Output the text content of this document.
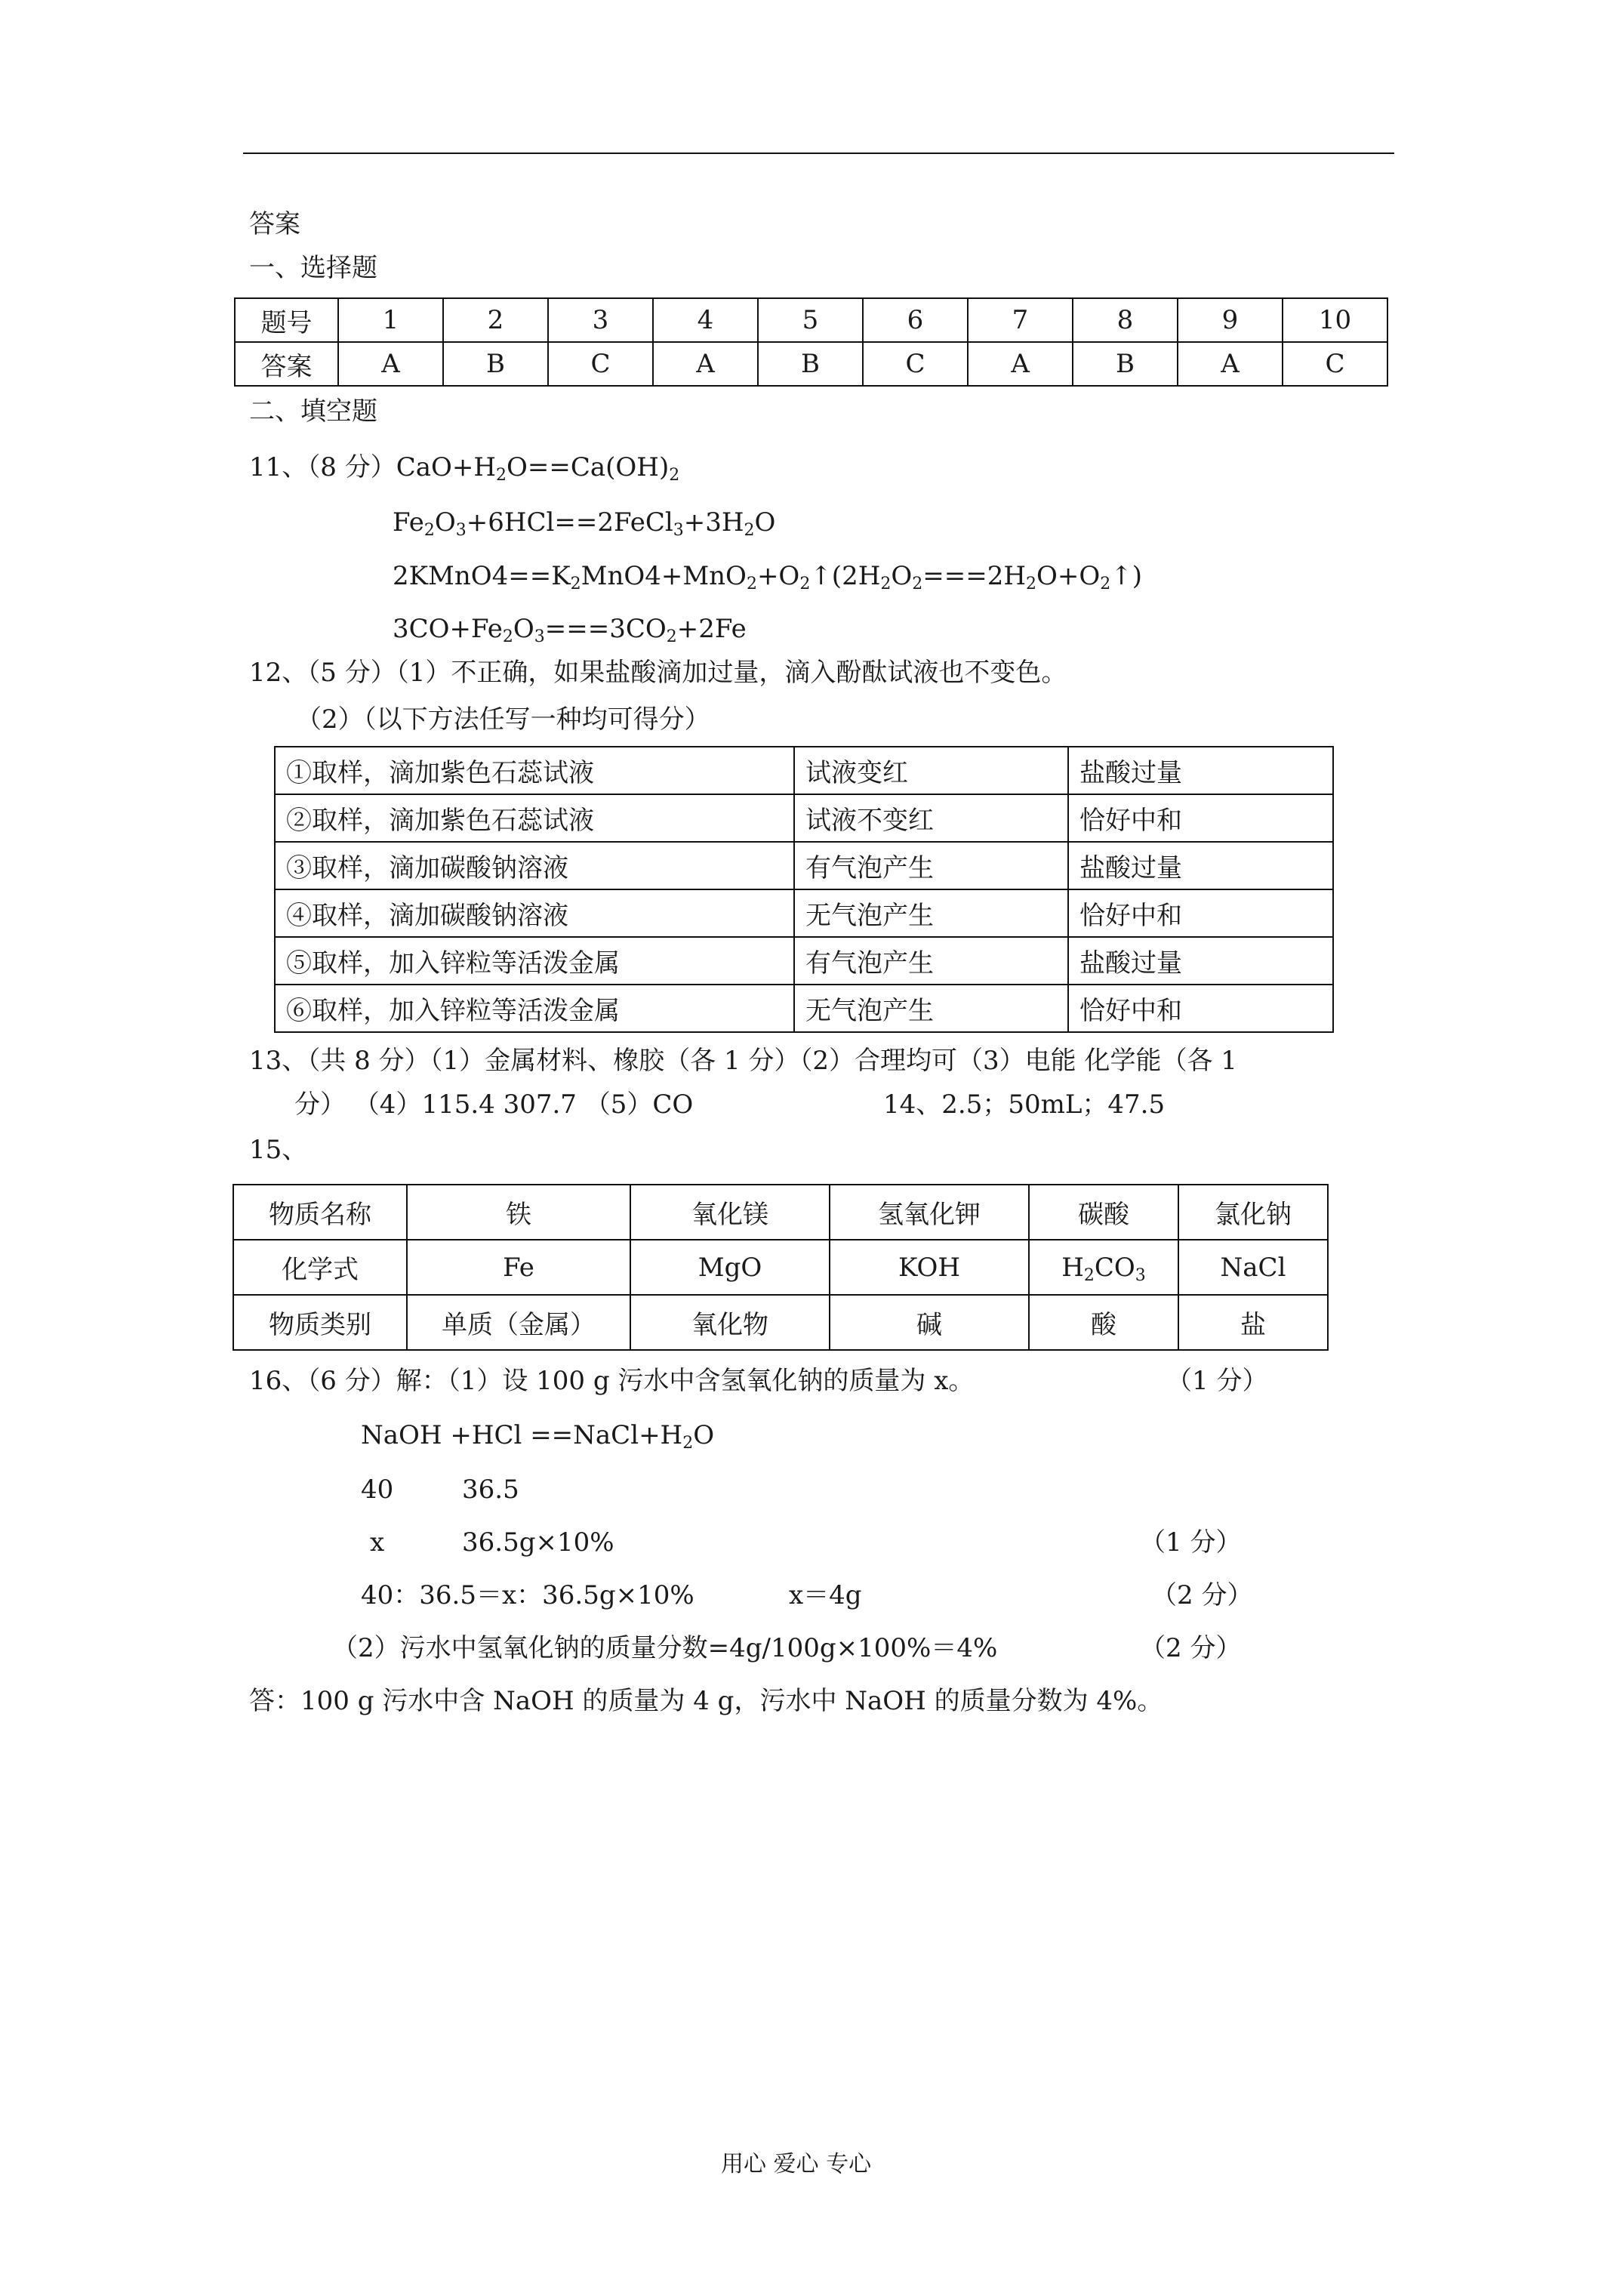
答案
一、选择题
题号	1	2	3	4	5	6	7	8	9	10
答案	A	B	C	A	B	C	A	B	A	C
二、填空题
11、（8 分）$CaO+H_2O==Ca(OH)_2$
$Fe_2O_3+6HCl==2FeCl_3+3H_2O$
$2KMnO4==K_2MnO4+MnO_2+O_2↑(2H_2O_2===2H_2O+O_2↑)$
$3CO+Fe_2O_3===3CO_2+2Fe$
12、（5 分）（1）不正确，如果盐酸滴加过量，滴入酚酞试液也不变色。
（2）（以下方法任写一种均可得分）
①取样，滴加紫色石蕊试液	试液变红	盐酸过量
②取样，滴加紫色石蕊试液	试液不变红	恰好中和
③取样，滴加碳酸钠溶液	有气泡产生	盐酸过量
④取样，滴加碳酸钠溶液	无气泡产生	恰好中和
⑤取样，加入锌粒等活泼金属	有气泡产生	盐酸过量
⑥取样，加入锌粒等活泼金属	无气泡产生	恰好中和
13、（共 8 分）（1）金属材料、橡胶（各 1 分）（2）合理均可（3）电能 化学能（各 1
分） （4）115.4 307.7 （5）CO	14、2.5；50mL；47.5
15、
物质名称	铁	氧化镁	氢氧化钾	碳酸	氯化钠
化学式	Fe	MgO	KOH	$H_2CO_3$	NaCl
物质类别	单质（金属）	氧化物	碱	酸	盐
16、（6 分）解：（1）设 100 g 污水中含氢氧化钠的质量为 x。	（1 分）
NaOH $+HCl ==NaCl+H_2O$
40	36.5
x	36.5g×10%	（1 分）
40：36.5＝x：36.5g×10%	x＝4g	（2 分）
（2）污水中氢氧化钠的质量分数=4g/100g×100%＝4%	（2 分）
答：100 g 污水中含 NaOH 的质量为 4 g，污水中 NaOH 的质量分数为 4%。
用心 爱心 专心
